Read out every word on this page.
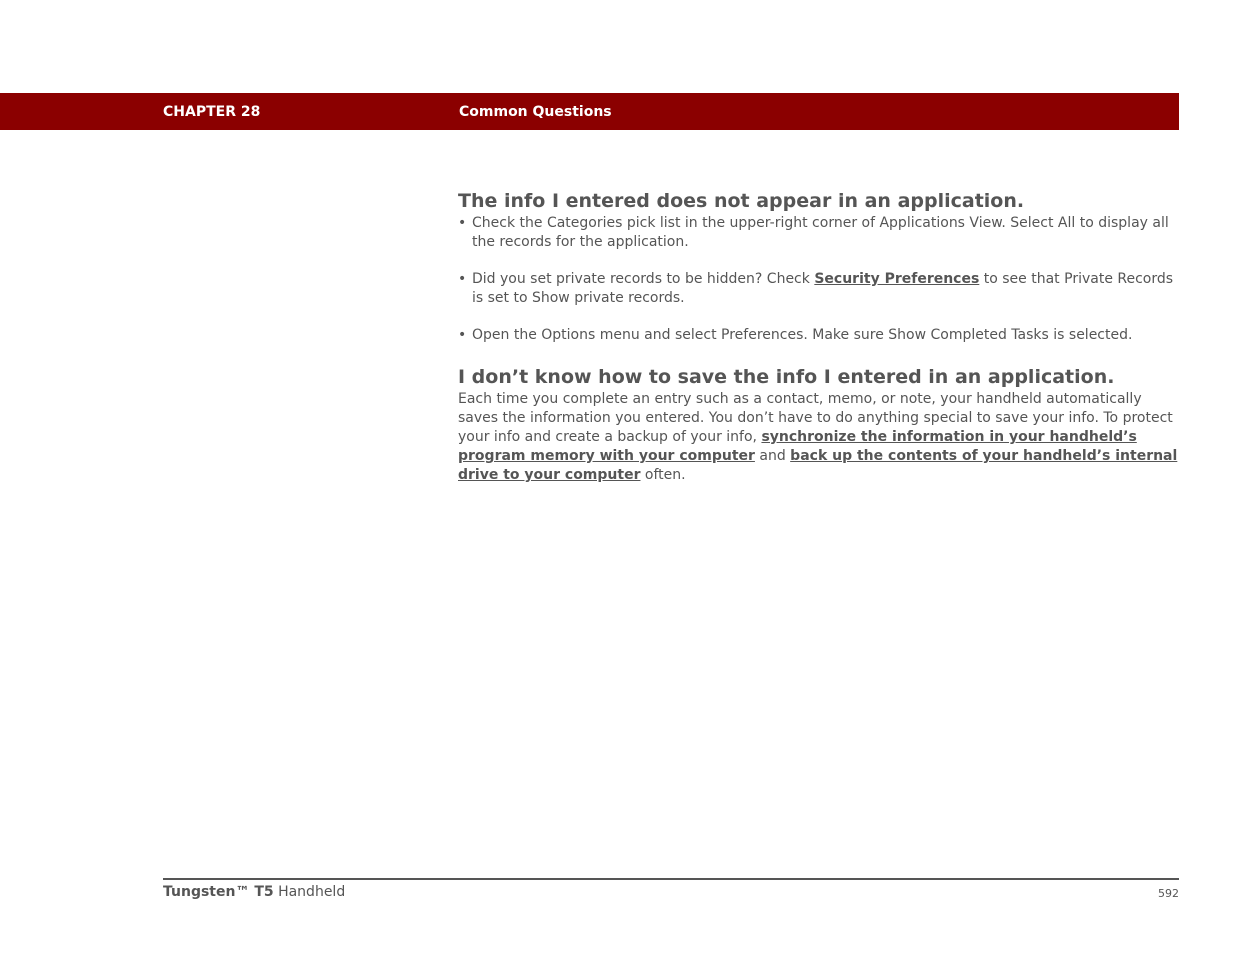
CHAPTER 28	Common Questions
The info I entered does not appear in an application.
• Check the Categories pick list in the upper-right corner of Applications View. Select All to display all the records for the application.
• Did you set private records to be hidden? Check Security Preferences to see that Private Records is set to Show private records.
• Open the Options menu and select Preferences. Make sure Show Completed Tasks is selected.
I don’t know how to save the info I entered in an application.

Each time you complete an entry such as a contact, memo, or note, your handheld automatically saves the information you entered. You don’t have to do anything special to save your info. To protect your info and create a backup of your info, synchronize the information in your handheld’s program memory with your computer and back up the contents of your handheld’s internal drive to your computer often.

Tungsten™ T5 Handheld	592
